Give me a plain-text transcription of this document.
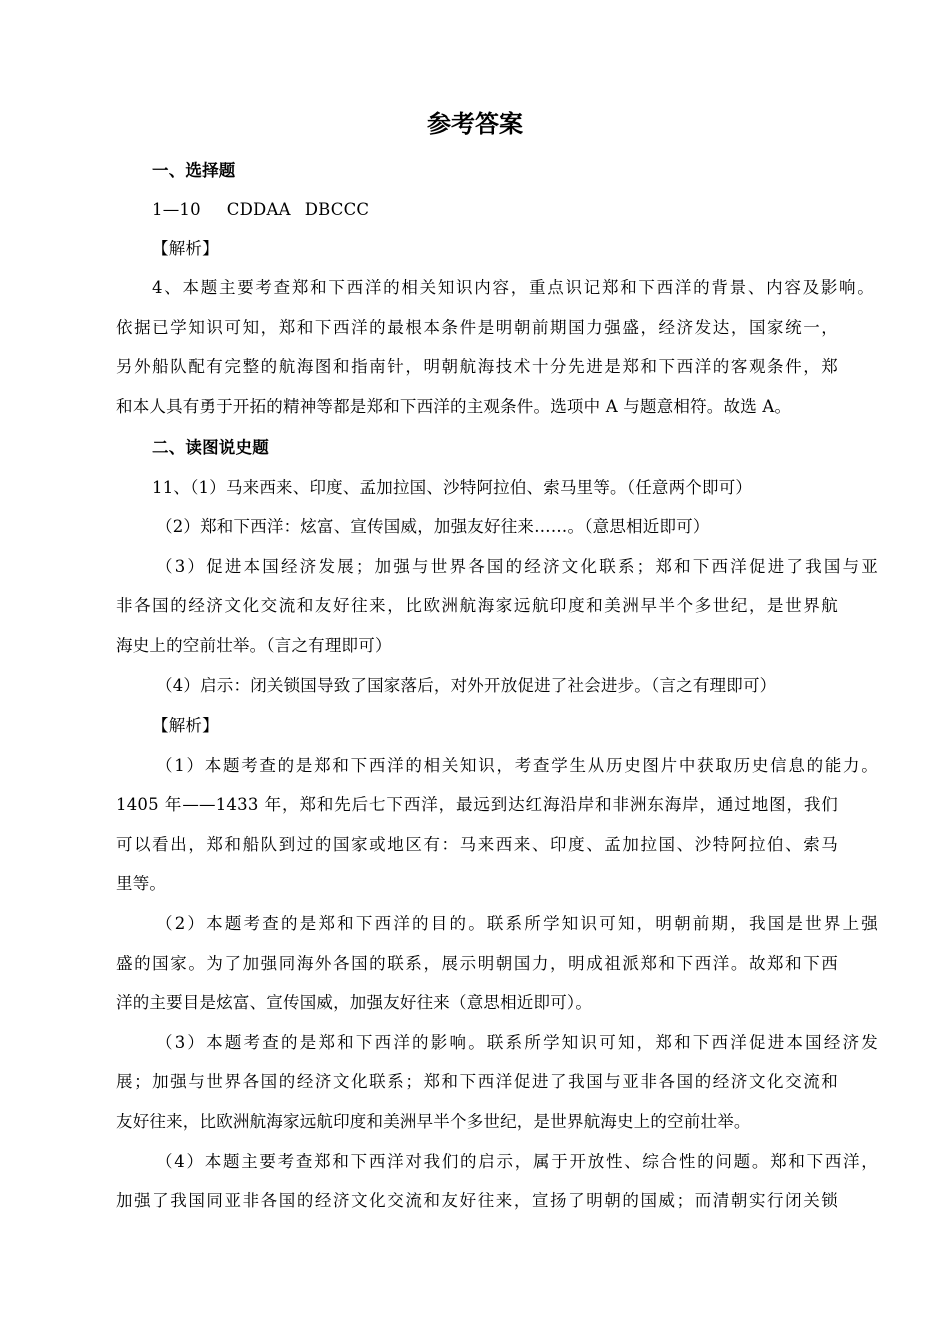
参考答案
一、选择题
1—10 CDDAA DBCCC
【解析】
4、本题主要考查郑和下西洋的相关知识内容，重点识记郑和下西洋的背景、内容及影响。
依据已学知识可知，郑和下西洋的最根本条件是明朝前期国力强盛，经济发达，国家统一，
另外船队配有完整的航海图和指南针，明朝航海技术十分先进是郑和下西洋的客观条件，郑
和本人具有勇于开拓的精神等都是郑和下西洋的主观条件。选项中 A 与题意相符。故选 A。
二、读图说史题
11、（1）马来西来、印度、孟加拉国、沙特阿拉伯、索马里等。（任意两个即可）
（2）郑和下西洋：炫富、宣传国威，加强友好往来……。（意思相近即可）
（3）促进本国经济发展；加强与世界各国的经济文化联系；郑和下西洋促进了我国与亚
非各国的经济文化交流和友好往来，比欧洲航海家远航印度和美洲早半个多世纪，是世界航
海史上的空前壮举。（言之有理即可）
（4）启示：闭关锁国导致了国家落后，对外开放促进了社会进步。（言之有理即可）
【解析】
（1）本题考查的是郑和下西洋的相关知识，考查学生从历史图片中获取历史信息的能力。
1405 年——1433 年，郑和先后七下西洋，最远到达红海沿岸和非洲东海岸，通过地图，我们
可以看出，郑和船队到过的国家或地区有：马来西来、印度、孟加拉国、沙特阿拉伯、索马
里等。
（2）本题考查的是郑和下西洋的目的。联系所学知识可知，明朝前期，我国是世界上强
盛的国家。为了加强同海外各国的联系，展示明朝国力，明成祖派郑和下西洋。故郑和下西
洋的主要目是炫富、宣传国威，加强友好往来（意思相近即可）。
（3）本题考查的是郑和下西洋的影响。联系所学知识可知，郑和下西洋促进本国经济发
展；加强与世界各国的经济文化联系；郑和下西洋促进了我国与亚非各国的经济文化交流和
友好往来，比欧洲航海家远航印度和美洲早半个多世纪，是世界航海史上的空前壮举。
（4）本题主要考查郑和下西洋对我们的启示，属于开放性、综合性的问题。郑和下西洋，
加强了我国同亚非各国的经济文化交流和友好往来，宣扬了明朝的国威；而清朝实行闭关锁
